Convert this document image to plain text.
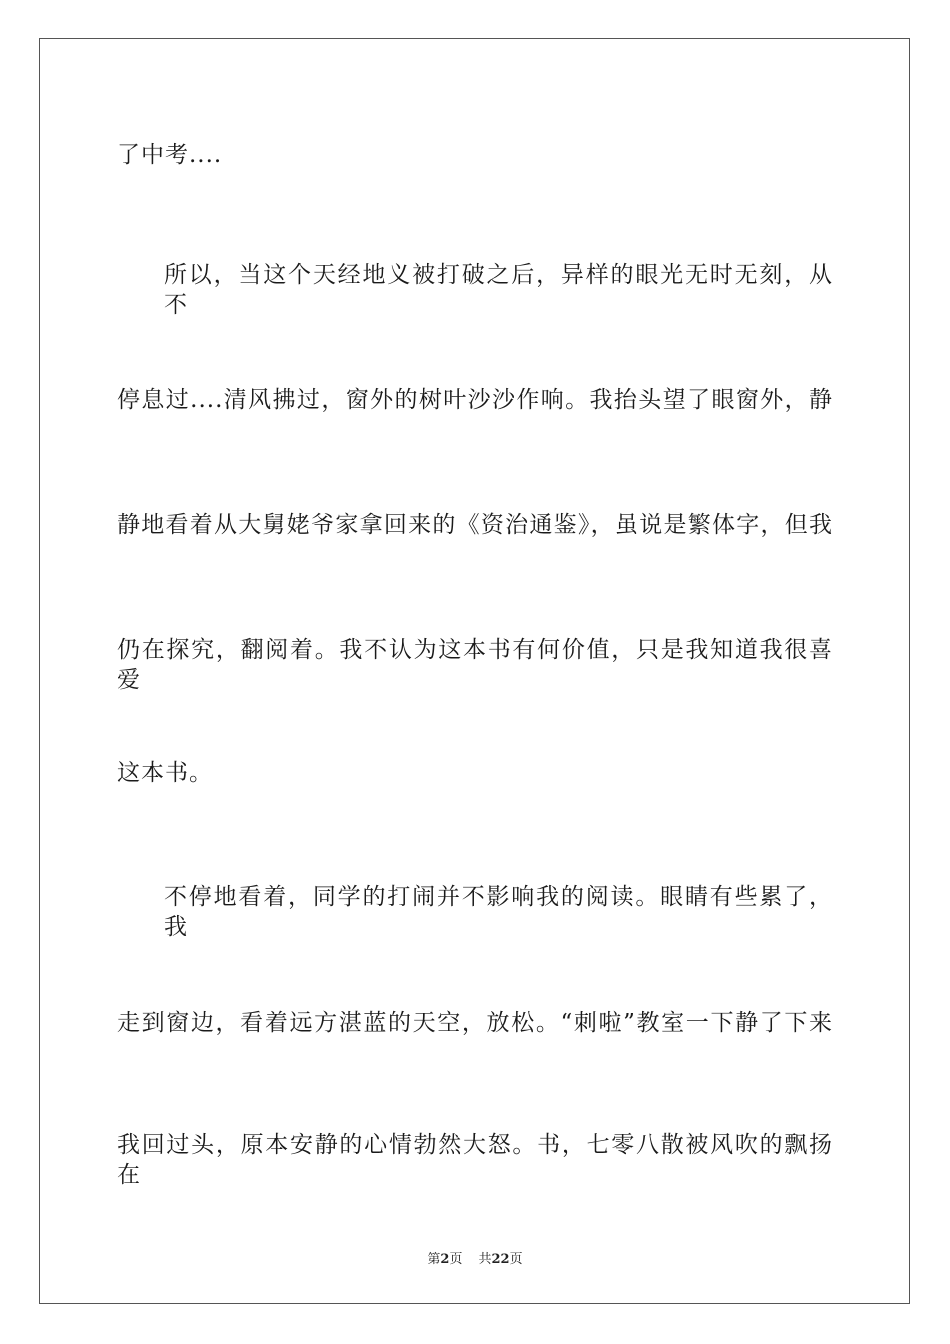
了中考....
所以，当这个天经地义被打破之后，异样的眼光无时无刻，从不
停息过....清风拂过，窗外的树叶沙沙作响。我抬头望了眼窗外，静
静地看着从大舅姥爷家拿回来的《资治通鉴》，虽说是繁体字，但我
仍在探究，翻阅着。我不认为这本书有何价值，只是我知道我很喜爱
这本书。
不停地看着，同学的打闹并不影响我的阅读。眼睛有些累了，我
走到窗边，看着远方湛蓝的天空，放松。“刺啦”教室一下静了下来
我回过头，原本安静的心情勃然大怒。书，七零八散被风吹的飘扬在
第2页 共22页
